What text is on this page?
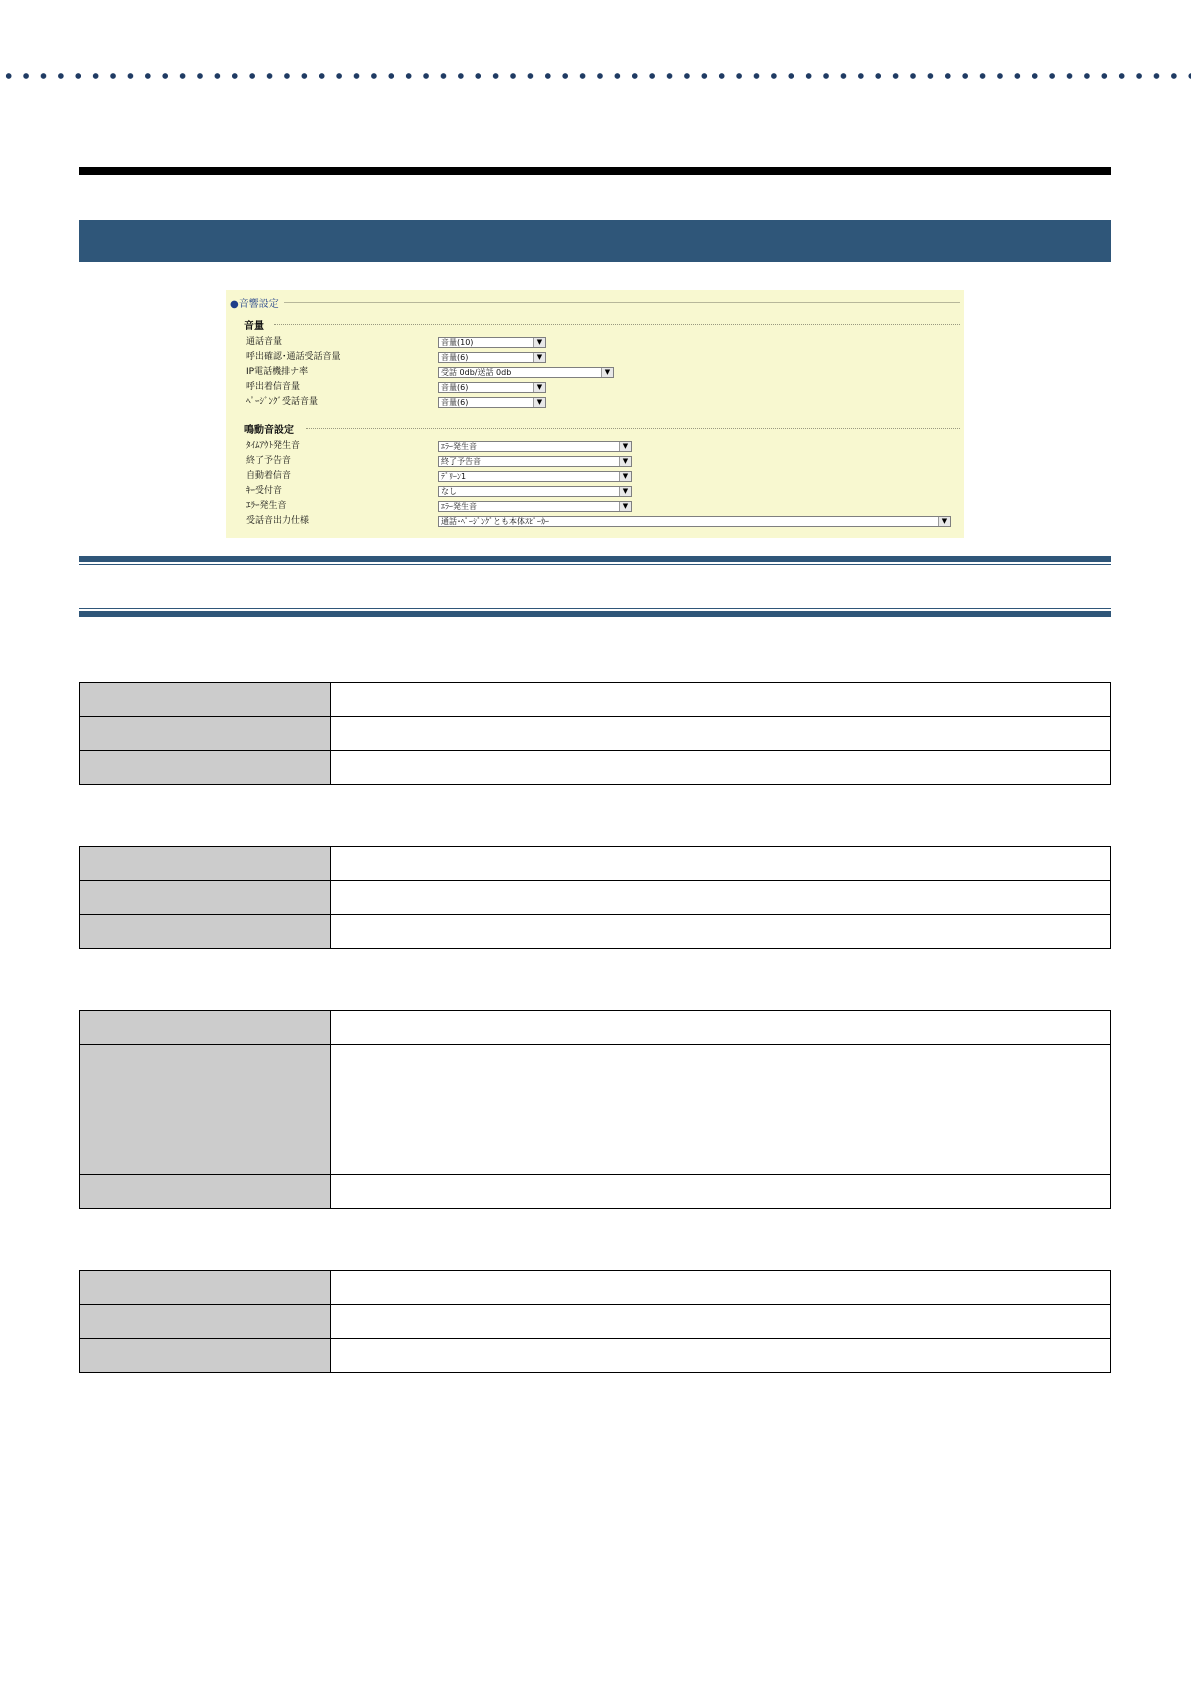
●音響設定
音量
通話音量	音量(10)	▼
呼出確認･通話受話音量	音量(6)	▼
IP電話機排ナ率	受話 0db/送話 0db	▼
呼出着信音量	音量(6)	▼
ﾍﾟｰｼﾞﾝｸﾞ受話音量	音量(6)	▼
鳴動音設定
ﾀｲﾑｱｳﾄ発生音	ｴﾗｰ発生音	▼
終了予告音	終了予告音	▼
自動着信音	ﾃﾞﾘｰﾝ1	▼
ｷｰ受付音	なし	▼
ｴﾗｰ発生音	ｴﾗｰ発生音	▼
受話音出力仕様	通話･ﾍﾟｰｼﾞﾝｸﾞとも本体ｽﾋﾟｰｶｰ	▼
